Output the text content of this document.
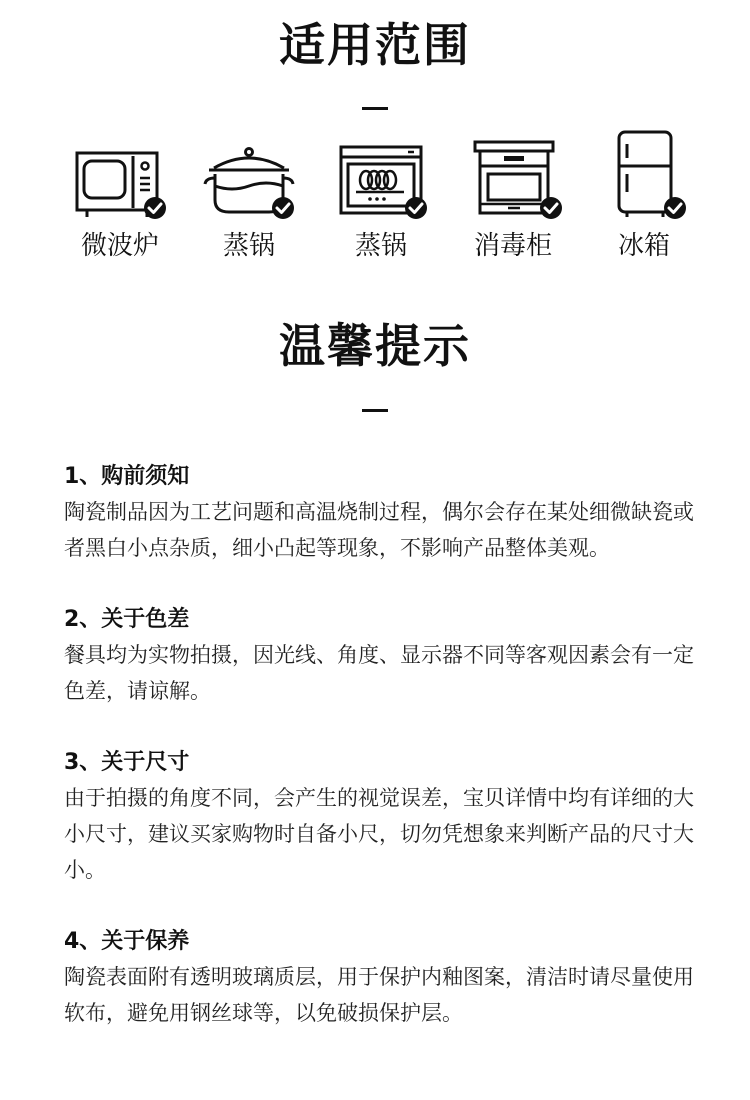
适用范围
微波炉	蒸锅	蒸锅	消毒柜	冰箱
温馨提示

1、购前须知

陶瓷制品因为工艺问题和高温烧制过程，偶尔会存在某处细微缺瓷或者黑白小点杂质，细小凸起等现象，不影响产品整体美观。

2、关于色差

餐具均为实物拍摄，因光线、角度、显示器不同等客观因素会有一定色差，请谅解。

3、关于尺寸

由于拍摄的角度不同，会产生的视觉误差，宝贝详情中均有详细的大小尺寸，建议买家购物时自备小尺，切勿凭想象来判断产品的尺寸大小。

4、关于保养

陶瓷表面附有透明玻璃质层，用于保护内釉图案，清洁时请尽量使用软布，避免用钢丝球等，以免破损保护层。
